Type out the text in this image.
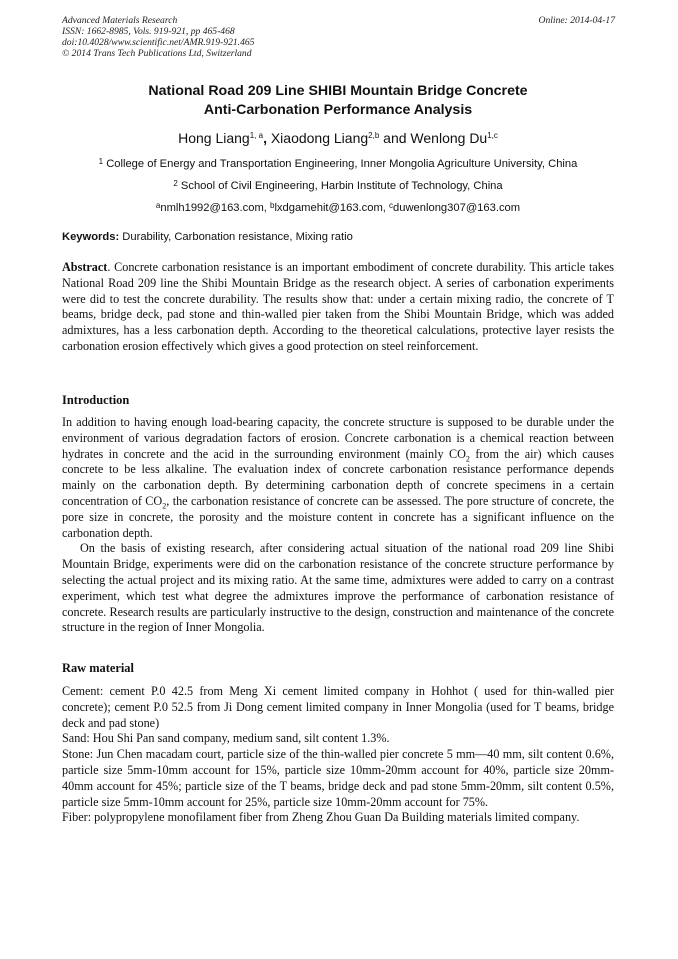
Advanced Materials Research
ISSN: 1662-8985, Vols. 919-921, pp 465-468
doi:10.4028/www.scientific.net/AMR.919-921.465
© 2014 Trans Tech Publications Ltd, Switzerland
Online: 2014-04-17
National Road 209 Line SHIBI Mountain Bridge Concrete
Anti-Carbonation Performance Analysis
Hong Liang$^{1, a}$, Xiaodong Liang$^{2,b}$ and Wenlong Du$^{1,c}$
$^1$ College of Energy and Transportation Engineering, Inner Mongolia Agriculture University, China
$^2$ School of Civil Engineering, Harbin Institute of Technology, China
$^a$nmlh1992@163.com, $^b$lxdgamehit@163.com, $^c$duwenlong307@163.com
Keywords: Durability, Carbonation resistance, Mixing ratio

Abstract. Concrete carbonation resistance is an important embodiment of concrete durability. This article takes National Road 209 line the Shibi Mountain Bridge as the research object. A series of carbonation experiments were did to test the concrete durability. The results show that: under a certain mixing radio, the concrete of T beams, bridge deck, pad stone and thin-walled pier taken from the Shibi Mountain Bridge, which was added admixtures, has a less carbonation depth. According to the theoretical calculations, protective layer resists the carbonation erosion effectively which gives a good protection on steel reinforcement.

Introduction

In addition to having enough load-bearing capacity, the concrete structure is supposed to be durable under the environment of various degradation factors of erosion. Concrete carbonation is a chemical reaction between hydrates in concrete and the acid in the surrounding environment (mainly $CO_2$ from the air) which causes concrete to be less alkaline. The evaluation index of concrete carbonation resistance performance depends mainly on the carbonation depth. By determining carbonation depth of concrete specimens in a certain concentration of $CO_2$, the carbonation resistance of concrete can be assessed. The pore structure of concrete, the pore size in concrete, the porosity and the moisture content in concrete has a significant influence on the carbonation depth.

On the basis of existing research, after considering actual situation of the national road 209 line Shibi Mountain Bridge, experiments were did on the carbonation resistance of the concrete structure performance by selecting the actual project and its mixing ratio. At the same time, admixtures were added to carry on a contrast experiment, which test what degree the admixtures improve the performance of carbonation resistance of concrete. Research results are particularly instructive to the design, construction and maintenance of the concrete structure in the region of Inner Mongolia.

Raw material

Cement: cement P.0 42.5 from Meng Xi cement limited company in Hohhot ( used for thin-walled pier concrete); cement P.0 52.5 from Ji Dong cement limited company in Inner Mongolia (used for T beams, bridge deck and pad stone)

Sand: Hou Shi Pan sand company, medium sand, silt content 1.3%.

Stone: Jun Chen macadam court, particle size of the thin-walled pier concrete 5 mm—40 mm, silt content 0.6%, particle size 5mm-10mm account for 15%, particle size 10mm-20mm account for 40%, particle size 20mm-40mm account for 45%; particle size of the T beams, bridge deck and pad stone 5mm-20mm, silt content 0.5%, particle size 5mm-10mm account for 25%, particle size 10mm-20mm account for 75%.

Fiber: polypropylene monofilament fiber from Zheng Zhou Guan Da Building materials limited company.
